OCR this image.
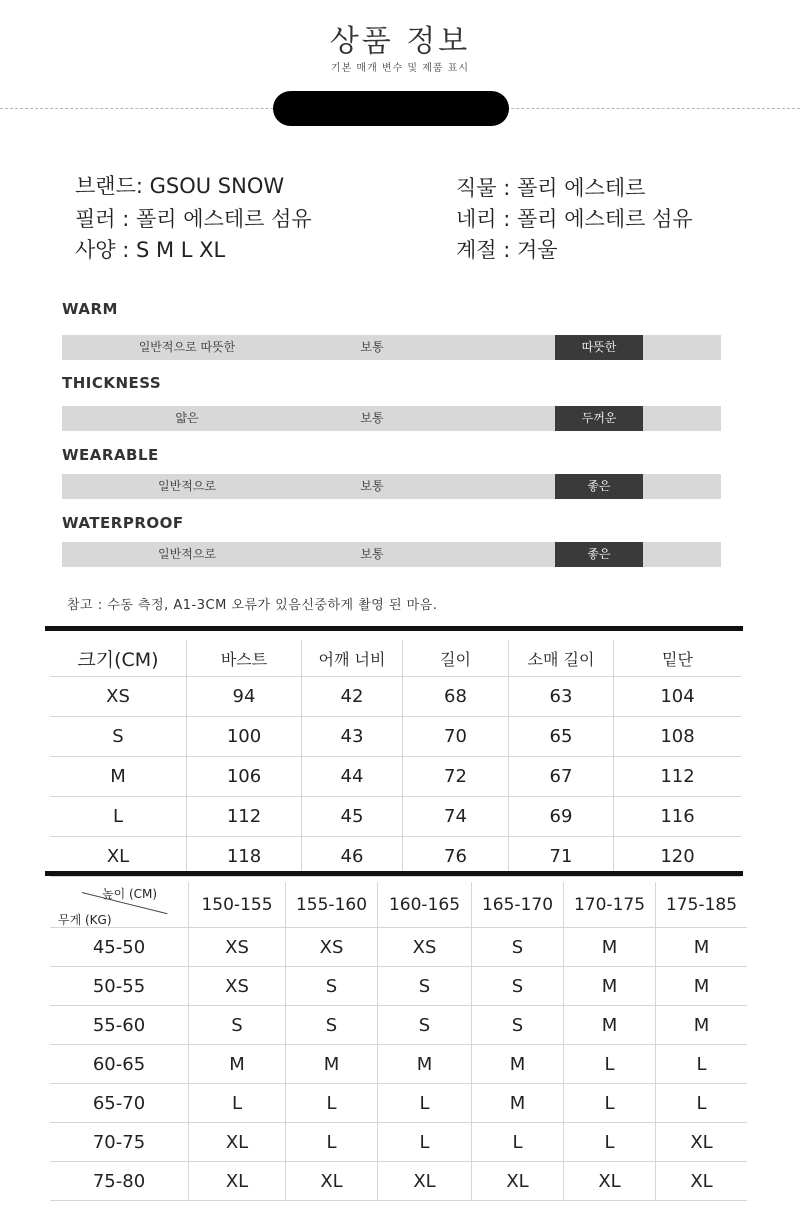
상품 정보
기본 매개 변수 및 제품 표시
브랜드: GSOU SNOW
필러 : 폴리 에스테르 섬유
사양 : S M L XL
직물 : 폴리 에스테르
네리 : 폴리 에스테르 섬유
계절 : 겨울
WARM
일반적으로 따뜻한	보통	따뜻한
THICKNESS
얇은	보통	두꺼운
WEARABLE
일반적으로	보통	좋은
WATERPROOF
일반적으로	보통	좋은
참고 : 수동 측정, A1-3CM 오류가 있음신중하게 촬영 된 마음.
크기(CM)	바스트	어깨 너비	길이	소매 길이	밑단
XS	94	42	68	63	104
S	100	43	70	65	108
M	106	44	72	67	112
L	112	45	74	69	116
XL	118	46	76	71	120
높이 (CM)
무게 (KG)	150-155	155-160	160-165	165-170	170-175	175-185
45-50	XS	XS	XS	S	M	M
50-55	XS	S	S	S	M	M
55-60	S	S	S	S	M	M
60-65	M	M	M	M	L	L
65-70	L	L	L	M	L	L
70-75	XL	L	L	L	L	XL
75-80	XL	XL	XL	XL	XL	XL
